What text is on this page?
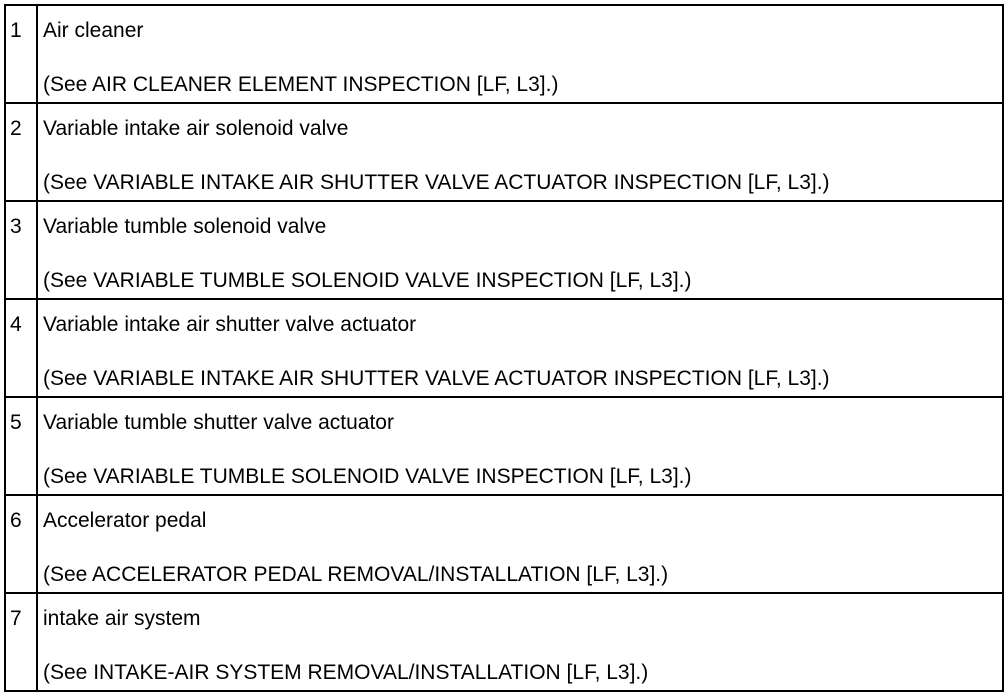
1	Air cleaner
(See AIR CLEANER ELEMENT INSPECTION [LF, L3].)

2	Variable intake air solenoid valve
(See VARIABLE INTAKE AIR SHUTTER VALVE ACTUATOR INSPECTION [LF, L3].)

3	Variable tumble solenoid valve
(See VARIABLE TUMBLE SOLENOID VALVE INSPECTION [LF, L3].)

4	Variable intake air shutter valve actuator
(See VARIABLE INTAKE AIR SHUTTER VALVE ACTUATOR INSPECTION [LF, L3].)

5	Variable tumble shutter valve actuator
(See VARIABLE TUMBLE SOLENOID VALVE INSPECTION [LF, L3].)

6	Accelerator pedal
(See ACCELERATOR PEDAL REMOVAL/INSTALLATION [LF, L3].)

7	intake air system
(See INTAKE-AIR SYSTEM REMOVAL/INSTALLATION [LF, L3].)
